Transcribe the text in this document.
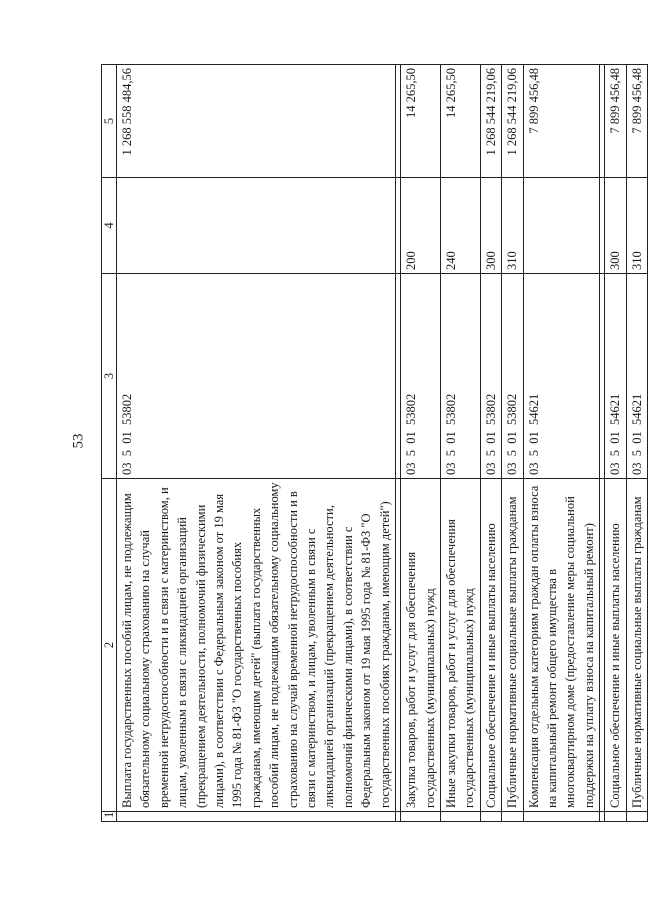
53
1	2	3	4	5
	Выплата государственных пособий лицам, не подлежащим обязательному социальному страхованию на случай временной нетрудоспособности и в связи с материнством, и лицам, уволенным в связи с ликвидацией организаций (прекращением деятельности, полномочий физическими лицами), в соответствии с Федеральным законом от 19 мая 1995 года № 81-ФЗ "О государственных пособиях гражданам, имеющим детей" (выплата государственных пособий лицам, не подлежащим обязательному социальному страхованию на случай временной нетрудоспособности и в связи с материнством, и лицам, уволенным в связи с ликвидацией организаций (прекращением деятельности, полномочий физическими лицами), в соответствии с Федеральным законом от 19 мая 1995 года № 81-ФЗ "О государственных пособиях гражданам, имеющим детей")	03  5  01  53802		1 268 558 484,56

	Закупка товаров, работ и услуг для обеспечения государственных (муниципальных) нужд	03  5  01  53802	200	14 265,50
	Иные закупки товаров, работ и услуг для обеспечения государственных (муниципальных) нужд	03  5  01  53802	240	14 265,50
	Социальное обеспечение и иные выплаты населению	03  5  01  53802	300	1 268 544 219,06
	Публичные нормативные социальные выплаты гражданам	03  5  01  53802	310	1 268 544 219,06
	Компенсация отдельным категориям граждан оплаты взноса на капитальный ремонт общего имущества в многоквартирном доме (предоставление меры социальной поддержки на уплату взноса на капитальный ремонт)	03  5  01  54621		7 899 456,48

	Социальное обеспечение и иные выплаты населению	03  5  01  54621	300	7 899 456,48
	Публичные нормативные социальные выплаты гражданам	03  5  01  54621	310	7 899 456,48
